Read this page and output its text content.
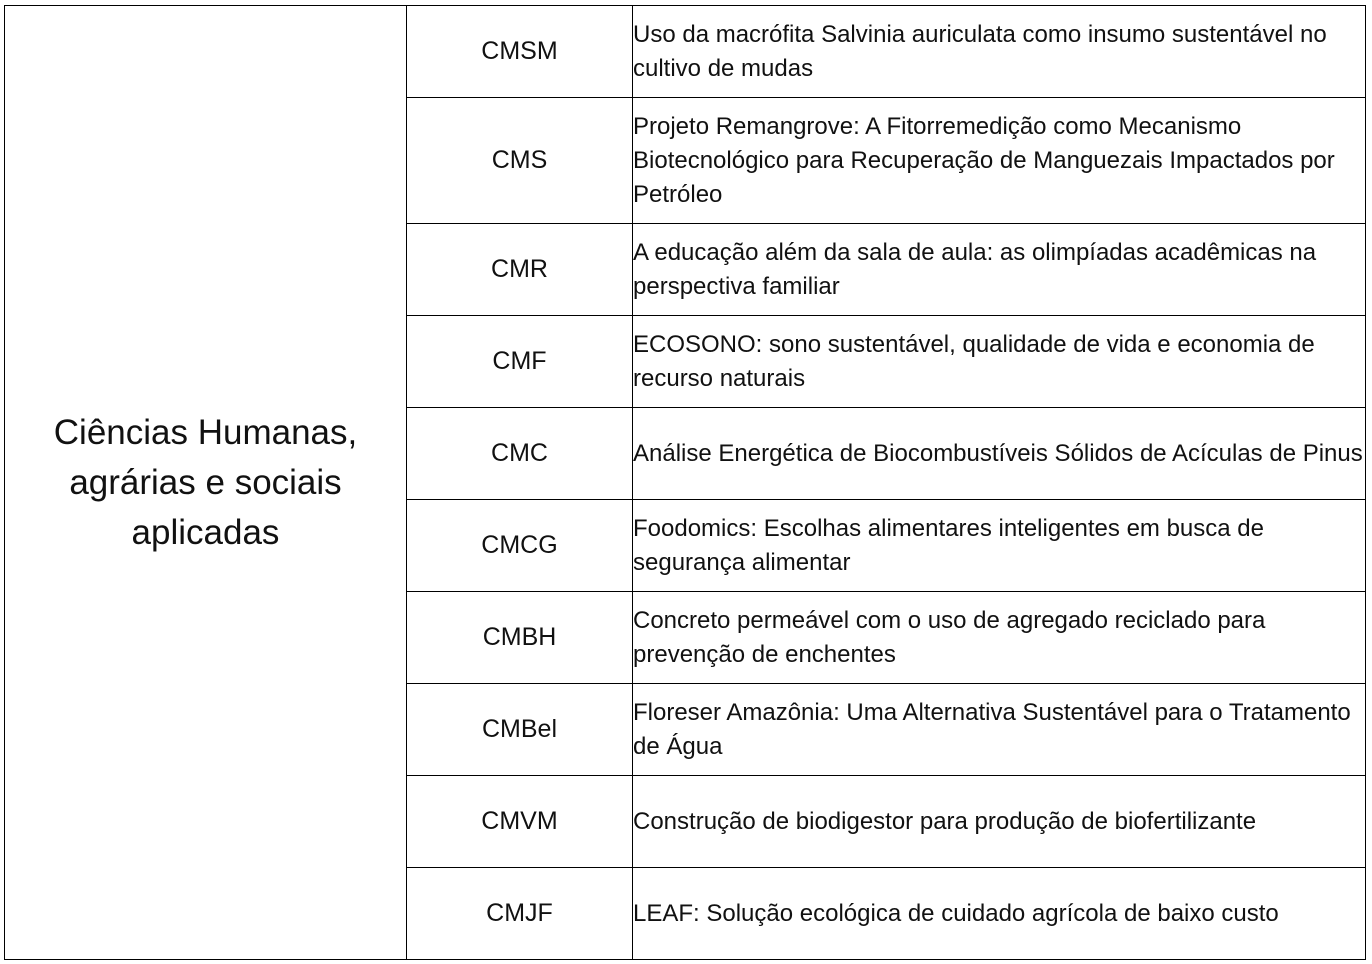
Ciências Humanas, agrárias e sociais aplicadas	CMSM	Uso da macrófita Salvinia auriculata como insumo sustentável no cultivo de mudas
	CMS	Projeto Remangrove: A Fitorremedição como Mecanismo Biotecnológico para Recuperação de Manguezais Impactados por Petróleo
	CMR	A educação além da sala de aula: as olimpíadas acadêmicas na perspectiva familiar
	CMF	ECOSONO: sono sustentável, qualidade de vida e economia de recurso naturais
	CMC	Análise Energética de Biocombustíveis Sólidos de Acículas de Pinus
	CMCG	Foodomics: Escolhas alimentares inteligentes em busca de segurança alimentar
	CMBH	Concreto permeável com o uso de agregado reciclado para prevenção de enchentes
	CMBel	Floreser Amazônia: Uma Alternativa Sustentável para o Tratamento de Água
	CMVM	Construção de biodigestor para produção de biofertilizante
	CMJF	LEAF: Solução ecológica de cuidado agrícola de baixo custo
